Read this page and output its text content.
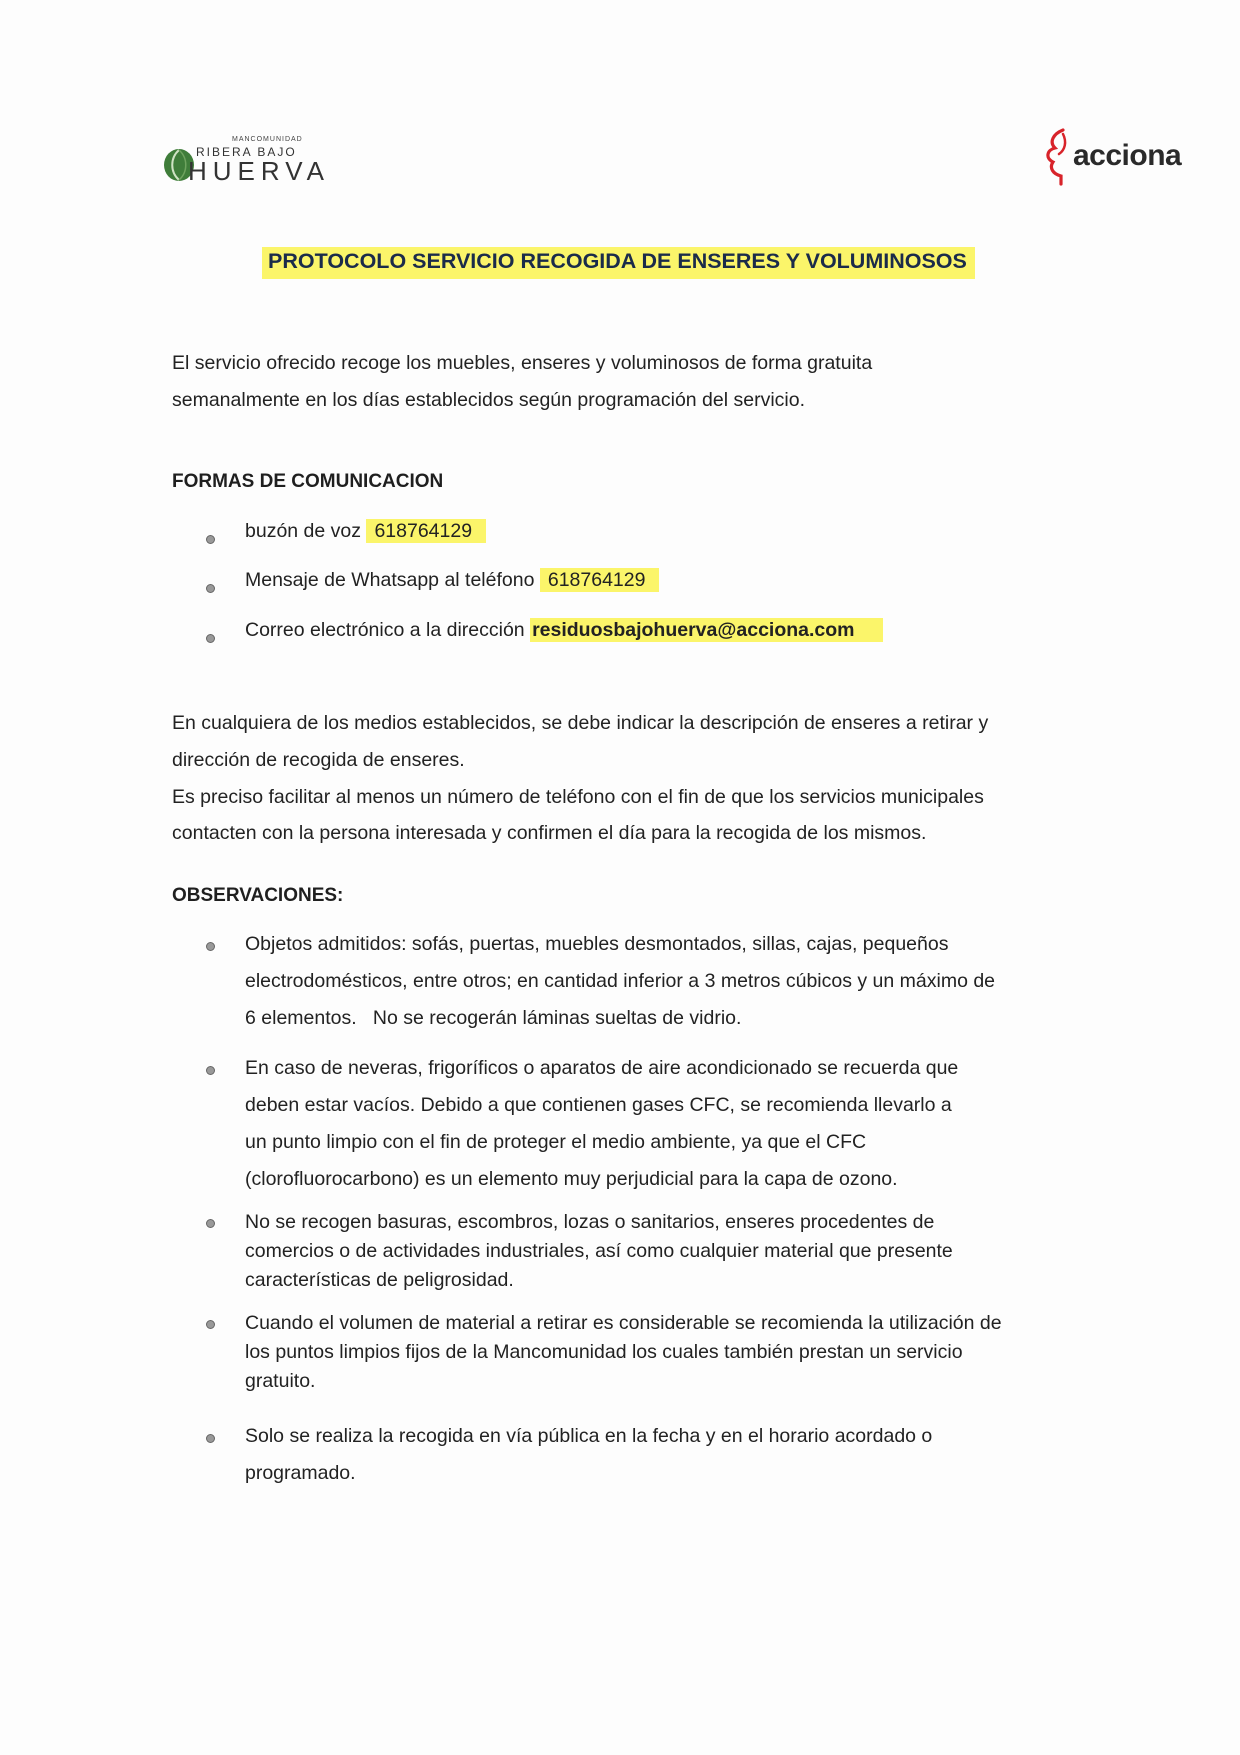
MANCOMUNIDAD
RIBERA BAJO
HUERVA	acciona
PROTOCOLO SERVICIO RECOGIDA DE ENSERES Y VOLUMINOSOS
El servicio ofrecido recoge los muebles, enseres y voluminosos de forma gratuita
semanalmente en los días establecidos según programación del servicio.
FORMAS DE COMUNICACION
buzón de voz 618764129
Mensaje de Whatsapp al teléfono 618764129
Correo electrónico a la dirección residuosbajohuerva@acciona.com
En cualquiera de los medios establecidos, se debe indicar la descripción de enseres a retirar y
dirección de recogida de enseres.
Es preciso facilitar al menos un número de teléfono con el fin de que los servicios municipales
contacten con la persona interesada y confirmen el día para la recogida de los mismos.
OBSERVACIONES:
Objetos admitidos: sofás, puertas, muebles desmontados, sillas, cajas, pequeños
electrodomésticos, entre otros; en cantidad inferior a 3 metros cúbicos y un máximo de
6 elementos.   No se recogerán láminas sueltas de vidrio.
En caso de neveras, frigoríficos o aparatos de aire acondicionado se recuerda que
deben estar vacíos. Debido a que contienen gases CFC, se recomienda llevarlo a
un punto limpio con el fin de proteger el medio ambiente, ya que el CFC
(clorofluorocarbono) es un elemento muy perjudicial para la capa de ozono.
No se recogen basuras, escombros, lozas o sanitarios, enseres procedentes de
comercios o de actividades industriales, así como cualquier material que presente
características de peligrosidad.
Cuando el volumen de material a retirar es considerable se recomienda la utilización de
los puntos limpios fijos de la Mancomunidad los cuales también prestan un servicio
gratuito.
Solo se realiza la recogida en vía pública en la fecha y en el horario acordado o
programado.
